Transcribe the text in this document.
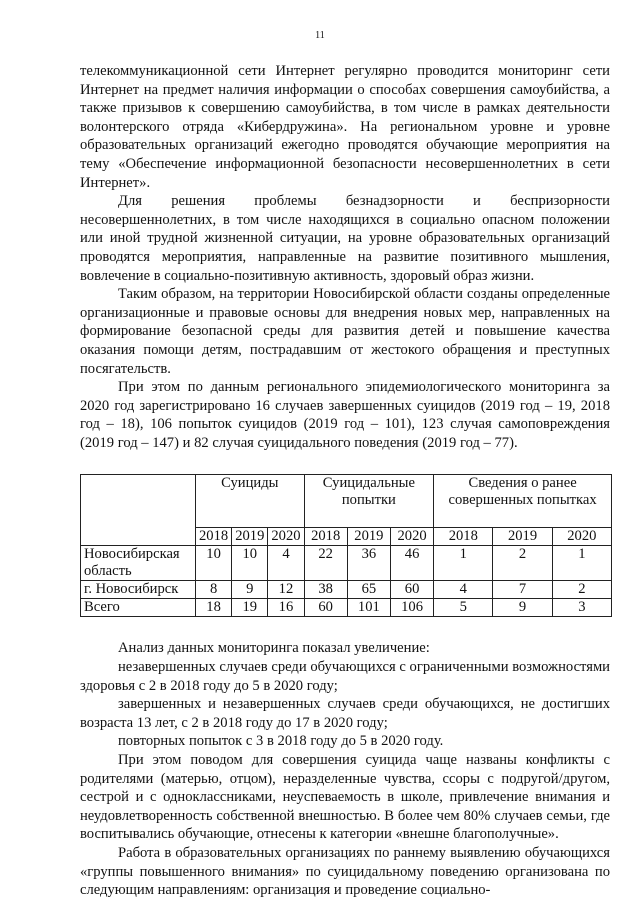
11

телекоммуникационной сети Интернет регулярно проводится мониторинг сети Интернет на предмет наличия информации о способах совершения самоубийства, а также призывов к совершению самоубийства, в том числе в рамках деятельности волонтерского отряда «Кибердружина». На региональном уровне и уровне образовательных организаций ежегодно проводятся обучающие мероприятия на тему «Обеспечение информационной безопасности несовершеннолетних в сети Интернет».

Для решения проблемы безнадзорности и беспризорности несовершеннолетних, в том числе находящихся в социально опасном положении или иной трудной жизненной ситуации, на уровне образовательных организаций проводятся мероприятия, направленные на развитие позитивного мышления, вовлечение в социально-позитивную активность, здоровый образ жизни.

Таким образом, на территории Новосибирской области созданы определенные организационные и правовые основы для внедрения новых мер, направленных на формирование безопасной среды для развития детей и повышение качества оказания помощи детям, пострадавшим от жестокого обращения и преступных посягательств.

При этом по данным регионального эпидемиологического мониторинга за 2020 год зарегистрировано 16 случаев завершенных суицидов (2019 год – 19, 2018 год – 18), 106 попыток суицидов (2019 год – 101), 123 случая самоповреждения (2019 год – 147) и 82 случая суицидального поведения (2019 год – 77).

	Суициды			Суицидальные попытки			Сведения о ранее совершенных попытках		
	2018	2019	2020	2018	2019	2020	2018	2019	2020
Новосибирская область	10	10	4	22	36	46	1	2	1
г. Новосибирск	8	9	12	38	65	60	4	7	2
Всего	18	19	16	60	101	106	5	9	3

Анализ данных мониторинга показал увеличение:

незавершенных случаев среди обучающихся с ограниченными возможностями здоровья с 2 в 2018 году до 5 в 2020 году;

завершенных и незавершенных случаев среди обучающихся, не достигших возраста 13 лет, с 2 в 2018 году до 17 в 2020 году;

повторных попыток с 3 в 2018 году до 5 в 2020 году.

При этом поводом для совершения суицида чаще названы конфликты с родителями (матерью, отцом), неразделенные чувства, ссоры с подругой/другом, сестрой и с одноклассниками, неуспеваемость в школе, привлечение внимания и неудовлетворенность собственной внешностью. В более чем 80% случаев семьи, где воспитывались обучающие, отнесены к категории «внешне благополучные».

Работа в образовательных организациях по раннему выявлению обучающихся «группы повышенного внимания» по суицидальному поведению организована по следующим направлениям: организация и проведение социально-
